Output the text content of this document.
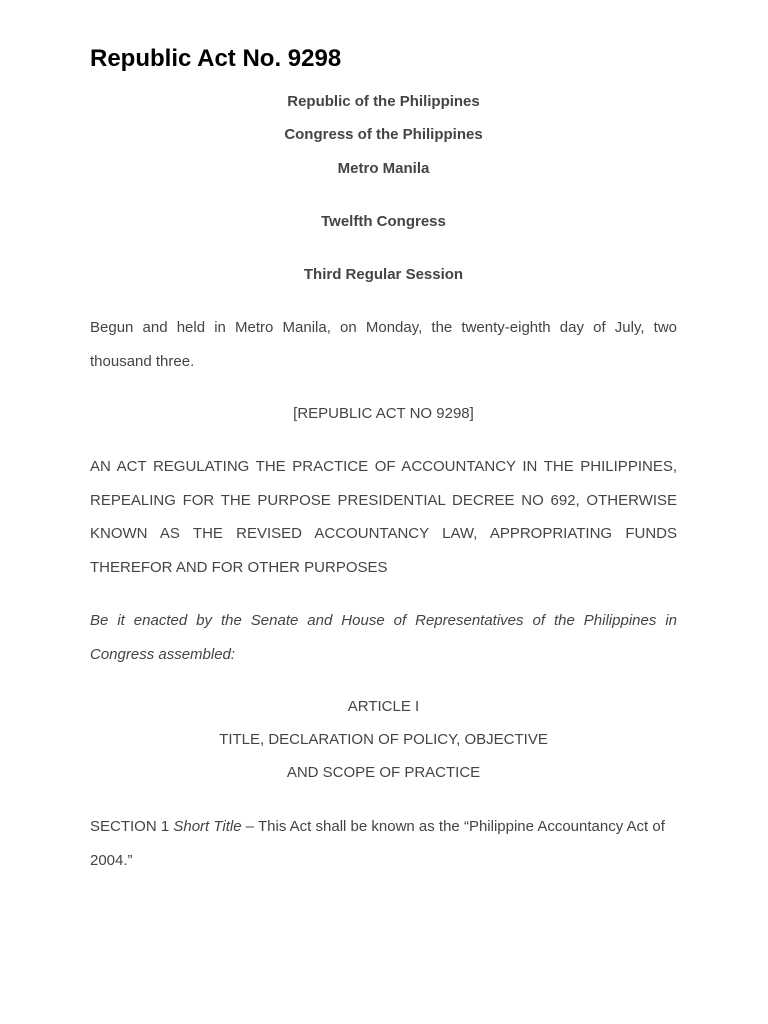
Republic Act No. 9298
Republic of the Philippines
Congress of the Philippines
Metro Manila
Twelfth Congress
Third Regular Session

Begun and held in Metro Manila, on Monday, the twenty-eighth day of July, two thousand three.

[REPUBLIC ACT NO 9298]

AN ACT REGULATING THE PRACTICE OF ACCOUNTANCY IN THE PHILIPPINES, REPEALING FOR THE PURPOSE PRESIDENTIAL DECREE NO 692, OTHERWISE KNOWN AS THE REVISED ACCOUNTANCY LAW, APPROPRIATING FUNDS THEREFOR AND FOR OTHER PURPOSES

Be it enacted by the Senate and House of Representatives of the Philippines in Congress assembled:

ARTICLE I
TITLE, DECLARATION OF POLICY, OBJECTIVE
AND SCOPE OF PRACTICE

SECTION 1 Short Title – This Act shall be known as the “Philippine Accountancy Act of 2004.”
